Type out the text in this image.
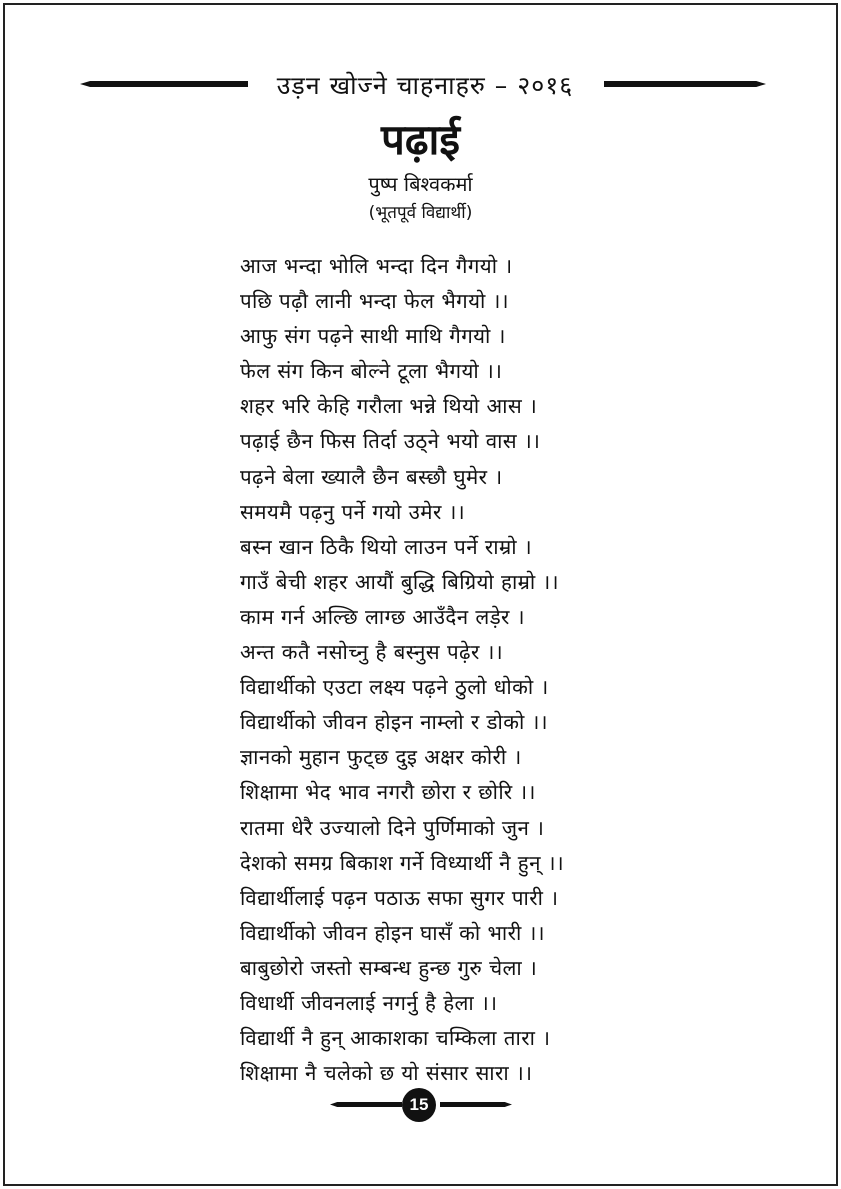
उड़न खोज्ने चाहनाहरु – २०१६
पढ़ाई
पुष्प बिश्वकर्मा
(भूतपूर्व विद्यार्थी)
आज भन्दा भोलि भन्दा दिन गैगयो ।
पछि पढ़ौ लानी भन्दा फेल भैगयो ।।
आफु संग पढ़ने साथी माथि गैगयो ।
फेल संग किन बोल्ने टूला भैगयो ।।
शहर भरि केहि गरौला भन्ने थियो आस ।
पढ़ाई छैन फिस तिर्दा उठ्ने भयो वास ।।
पढ़ने बेला ख्यालै छैन बस्छौ घुमेर ।
समयमै पढ़नु पर्ने गयो उमेर ।।
बस्न खान ठिकै थियो लाउन पर्ने राम्रो ।
गाउँ बेची शहर आयौं बुद्धि बिग्रियो हाम्रो ।।
काम गर्न अल्छि लाग्छ आउँदैन लड़ेर ।
अन्त कतै नसोच्नु है बस्नुस पढ़ेर ।।
विद्यार्थीको एउटा लक्ष्य पढ़ने ठुलो धोको ।
विद्यार्थीको जीवन होइन नाम्लो र डोको ।।
ज्ञानको मुहान फुट्छ दुइ अक्षर कोरी ।
शिक्षामा भेद भाव नगरौ छोरा र छोरि ।।
रातमा धेरै उज्यालो दिने पुर्णिमाको जुन ।
देशको समग्र बिकाश गर्ने विध्यार्थी नै हुन् ।।
विद्यार्थीलाई पढ़न पठाऊ सफा सुगर पारी ।
विद्यार्थीको जीवन होइन घासँ को भारी ।।
बाबुछोरो जस्तो सम्बन्ध हुन्छ गुरु चेला ।
विधार्थी जीवनलाई नगर्नु है हेला ।।
विद्यार्थी नै हुन् आकाशका चम्किला तारा ।
शिक्षामा नै चलेको छ यो संसार सारा ।।
15
